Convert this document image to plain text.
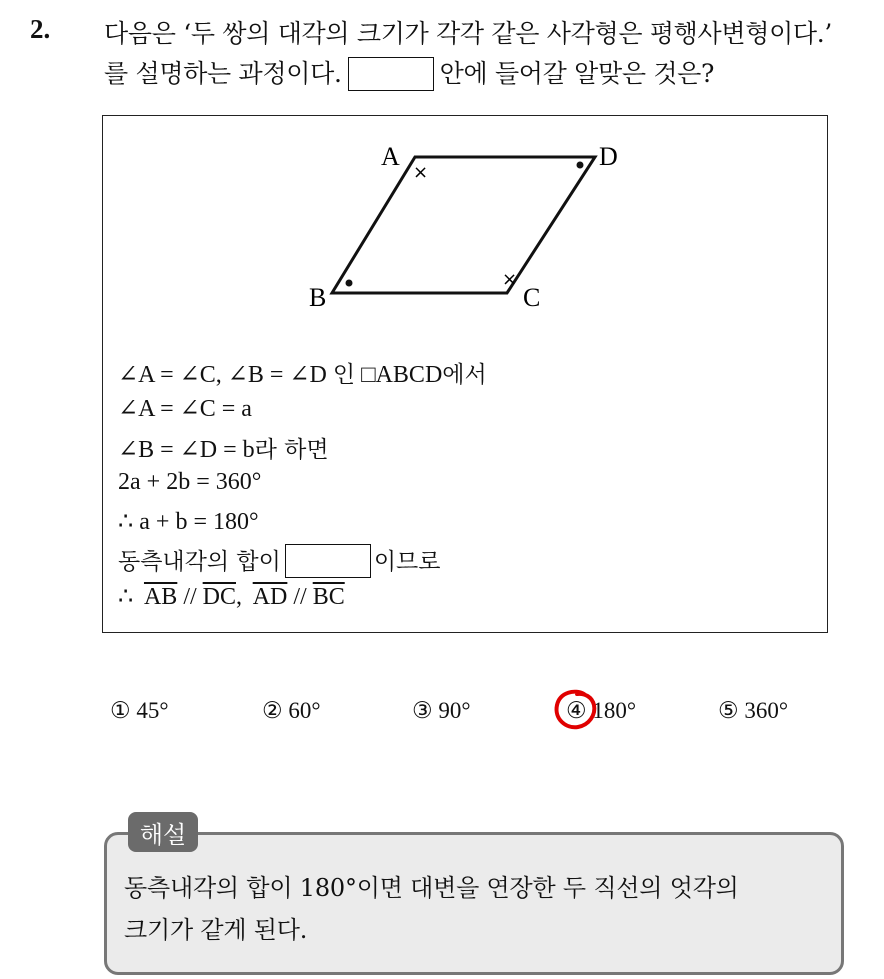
2. 다음은 ‘두 쌍의 대각의 크기가 각각 같은 사각형은 평행사변형이다.’
를 설명하는 과정이다.	안에 들어갈 알맞은 것은?
A	D
B	C
×
×
∠A = ∠C, ∠B = ∠D 인 □ABCD에서
∠A = ∠C = a
∠B = ∠D = b라 하면
2a + 2b = 360°
∴ a + b = 180°
동측내각의 합이	이므로
∴ $\overline{AB} // \overline{DC}$,  $\overline{AD} // \overline{BC}$
① 45°	② 60°	③ 90°	④ 180°	⑤ 360°
해설
동측내각의 합이 180°이면 대변을 연장한 두 직선의 엇각의
크기가 같게 된다.
